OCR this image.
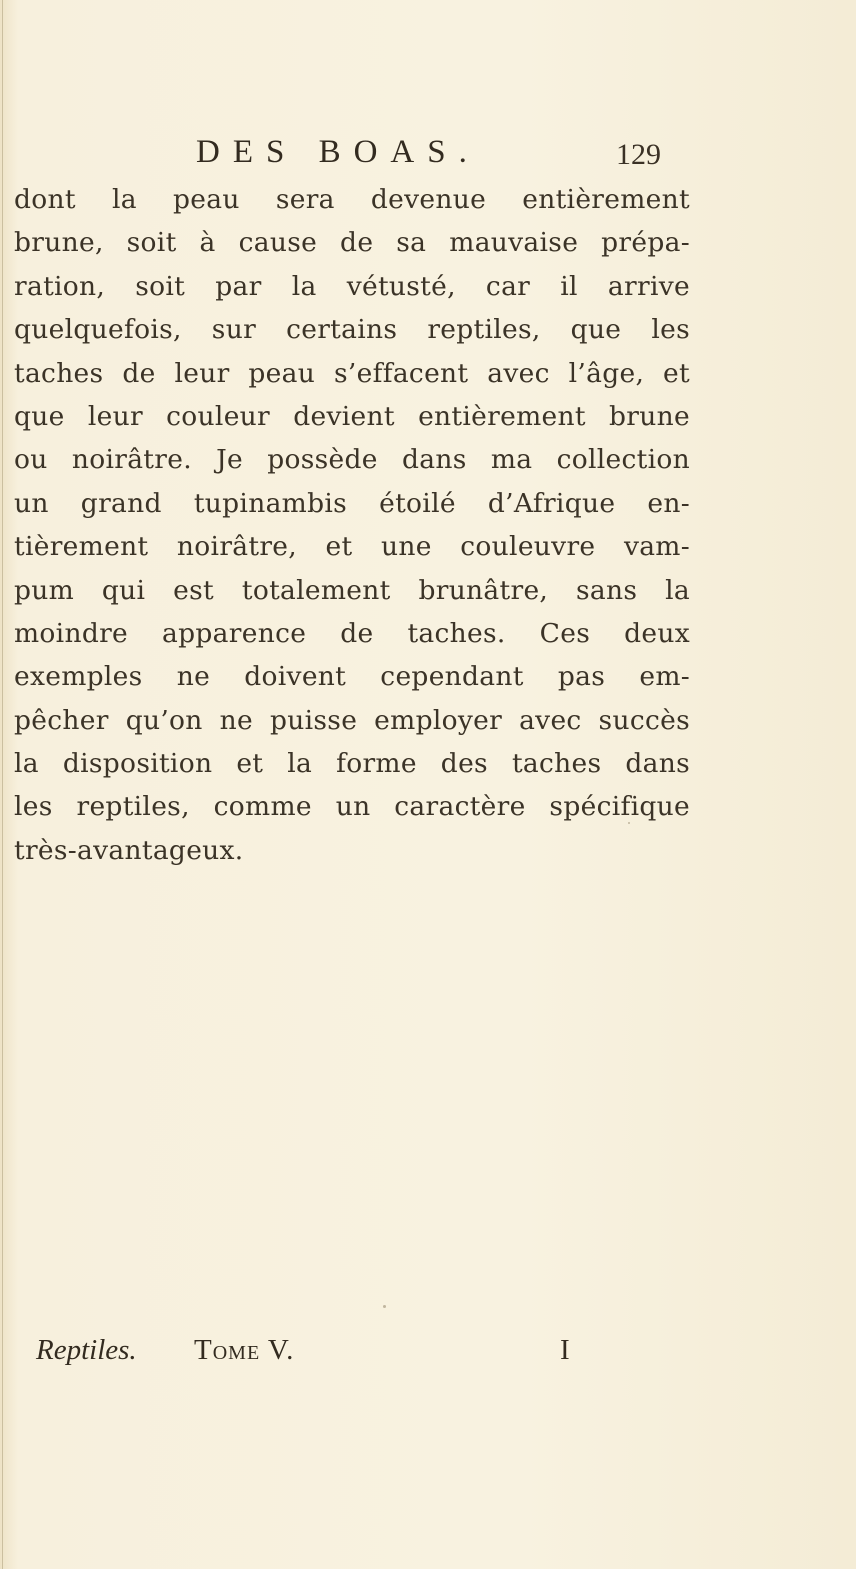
DES BOAS.	129
dont la peau sera devenue entièrement
brune, soit à cause de sa mauvaise prépa-
ration, soit par la vétusté, car il arrive
quelquefois, sur certains reptiles, que les
taches de leur peau s’effacent avec l’âge, et
que leur couleur devient entièrement brune
ou noirâtre. Je possède dans ma collection
un grand tupinambis étoilé d’Afrique en-
tièrement noirâtre, et une couleuvre vam-
pum qui est totalement brunâtre, sans la
moindre apparence de taches. Ces deux
exemples ne doivent cependant pas em-
pêcher qu’on ne puisse employer avec succès
la disposition et la forme des taches dans
les reptiles, comme un caractère spécifique
très-avantageux.
Reptiles. Tome V.	I
